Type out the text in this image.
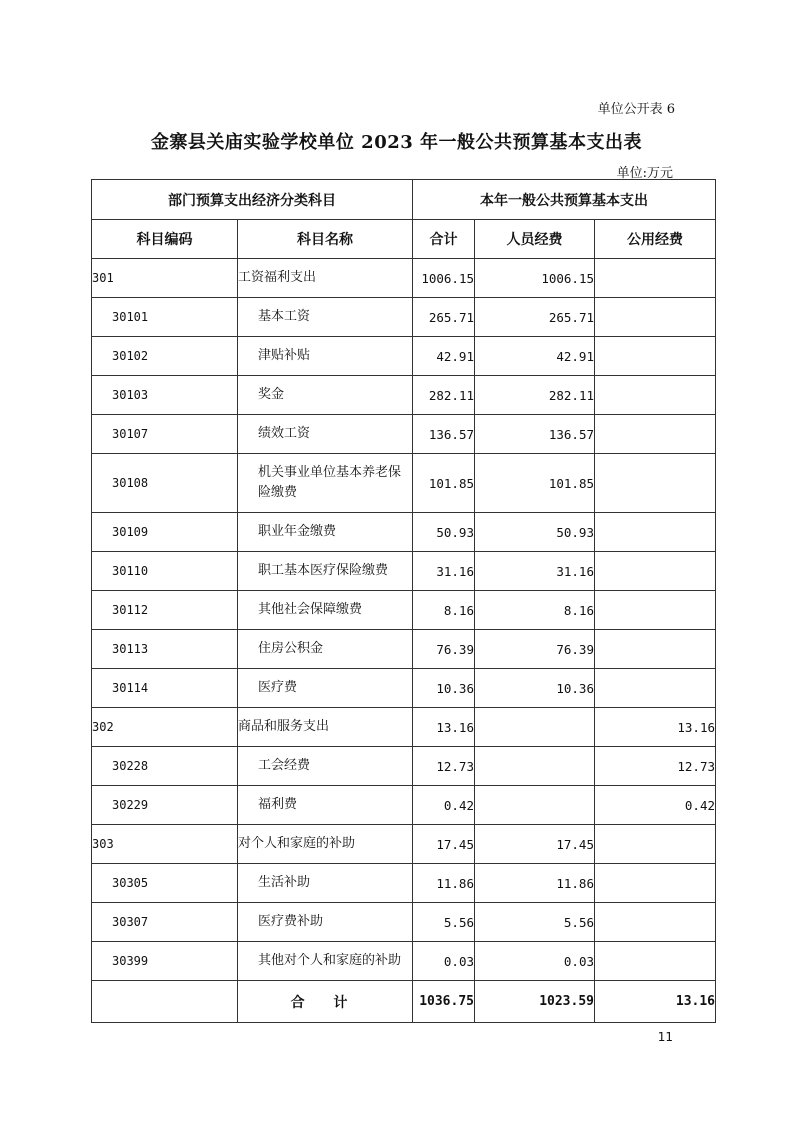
单位公开表 6
金寨县关庙实验学校单位 2023 年一般公共预算基本支出表
单位:万元
部门预算支出经济分类科目		本年一般公共预算基本支出		
科目编码	科目名称	合计	人员经费	公用经费
301	工资福利支出	1006.15	1006.15	
30101	基本工资	265.71	265.71	
30102	津贴补贴	42.91	42.91	
30103	奖金	282.11	282.11	
30107	绩效工资	136.57	136.57	
30108	机关事业单位基本养老保险缴费	101.85	101.85	
30109	职业年金缴费	50.93	50.93	
30110	职工基本医疗保险缴费	31.16	31.16	
30112	其他社会保障缴费	8.16	8.16	
30113	住房公积金	76.39	76.39	
30114	医疗费	10.36	10.36	
302	商品和服务支出	13.16		13.16
30228	工会经费	12.73		12.73
30229	福利费	0.42		0.42
303	对个人和家庭的补助	17.45	17.45	
30305	生活补助	11.86	11.86	
30307	医疗费补助	5.56	5.56	
30399	其他对个人和家庭的补助	0.03	0.03	
	合 计	1036.75	1023.59	13.16
11
